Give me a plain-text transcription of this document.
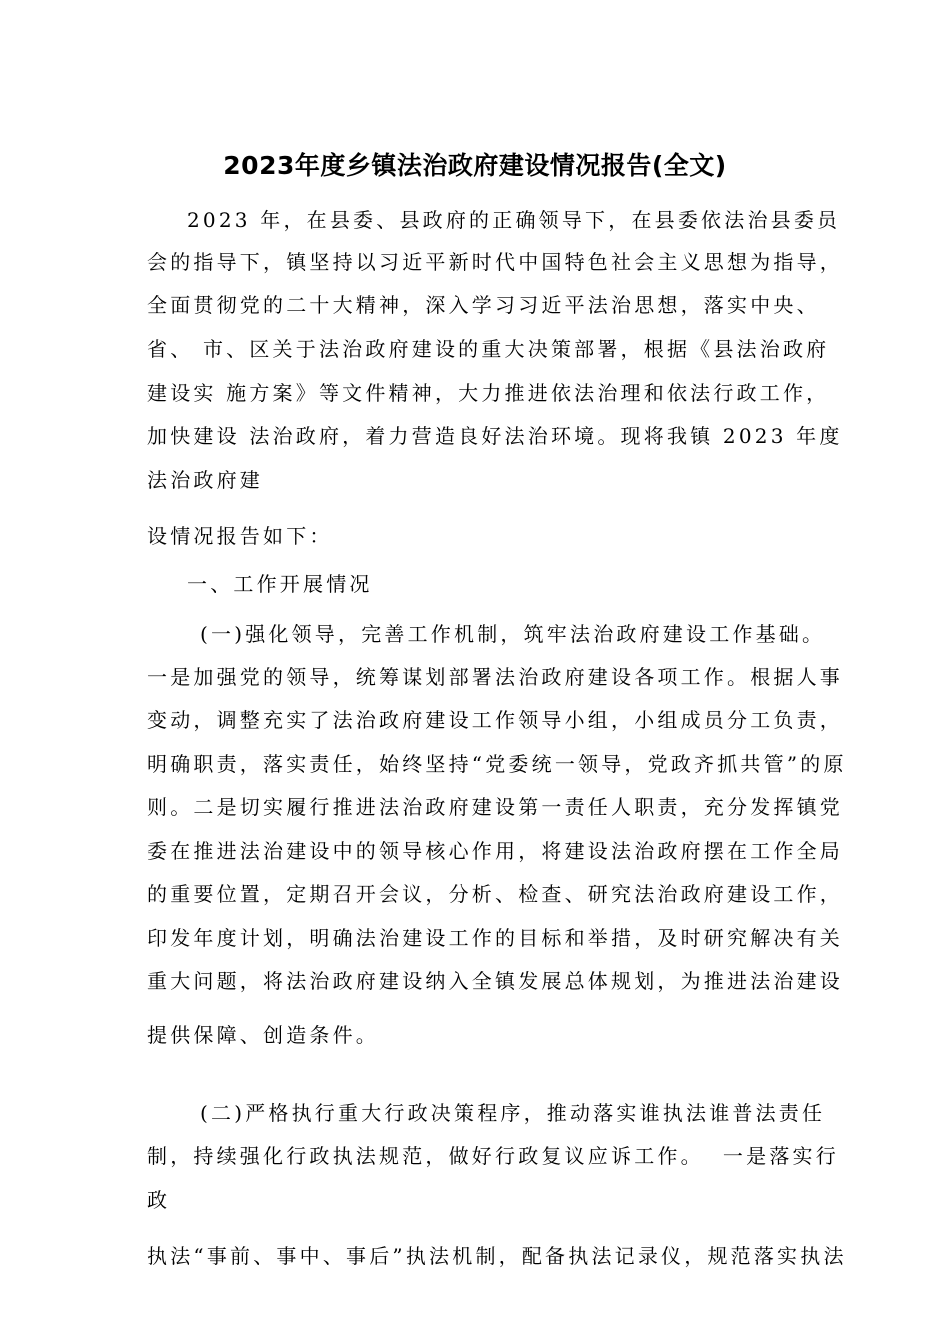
2023年度乡镇法治政府建设情况报告(全文)
2023 年，在县委、县政府的正确领导下，在县委依法治县委员
会的指导下，镇坚持以习近平新时代中国特色社会主义思想为指导，
全面贯彻党的二十大精神，深入学习习近平法治思想，落实中央、
省、 市、区关于法治政府建设的重大决策部署，根据《县法治政府
建设实 施方案》等文件精神，大力推进依法治理和依法行政工作，
加快建设 法治政府，着力营造良好法治环境。现将我镇 2023 年度
法治政府建
设情况报告如下：
一、工作开展情况
(一)强化领导，完善工作机制，筑牢法治政府建设工作基础。
一是加强党的领导，统筹谋划部署法治政府建设各项工作。根据人事
变动，调整充实了法治政府建设工作领导小组，小组成员分工负责，
明确职责，落实责任，始终坚持“党委统一领导，党政齐抓共管”的原
则。二是切实履行推进法治政府建设第一责任人职责，充分发挥镇党
委在推进法治建设中的领导核心作用，将建设法治政府摆在工作全局
的重要位置，定期召开会议，分析、检查、研究法治政府建设工作，
印发年度计划，明确法治建设工作的目标和举措，及时研究解决有关
重大问题，将法治政府建设纳入全镇发展总体规划，为推进法治建设
提供保障、创造条件。
(二)严格执行重大行政决策程序，推动落实谁执法谁普法责任
制，持续强化行政执法规范，做好行政复议应诉工作。  一是落实行
政
执法“事前、事中、事后”执法机制，配备执法记录仪，规范落实执法
